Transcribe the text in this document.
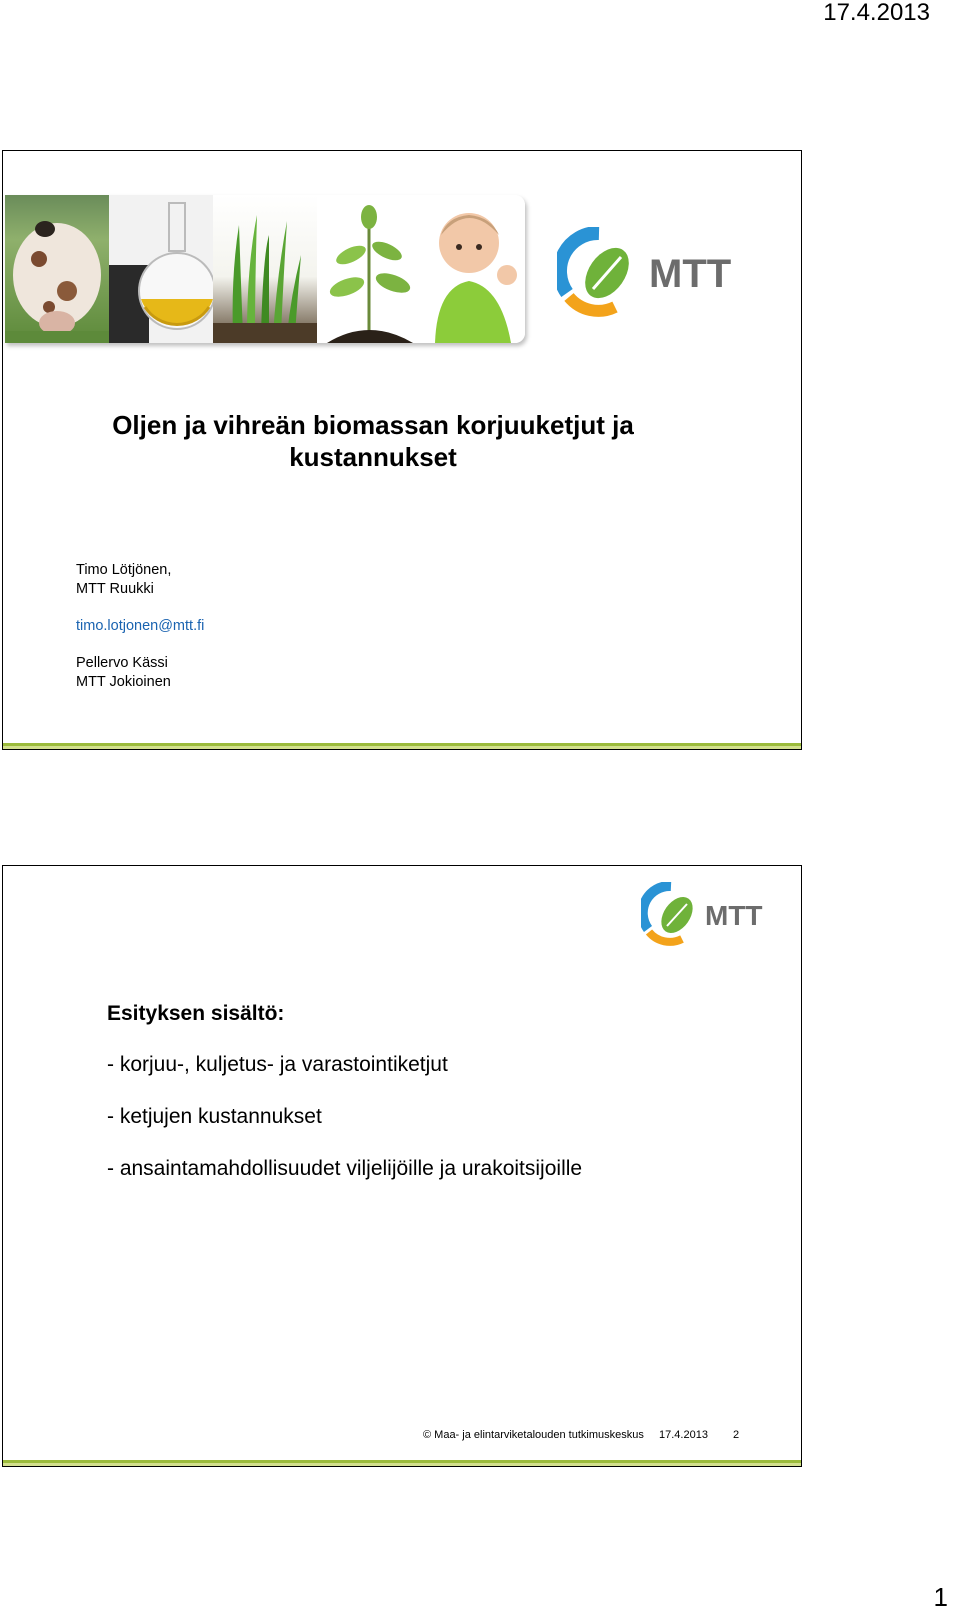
17.4.2013
MTT
Oljen ja vihreän biomassan korjuuketjut ja kustannukset
Timo Lötjönen,
MTT Ruukki
timo.lotjonen@mtt.fi
Pellervo Kässi
MTT Jokioinen
MTT
Esityksen sisältö:
- korjuu-, kuljetus- ja varastointiketjut
- ketjujen kustannukset
- ansaintamahdollisuudet viljelijöille ja urakoitsijoille
© Maa- ja elintarviketalouden tutkimuskeskus	17.4.2013	2
1
